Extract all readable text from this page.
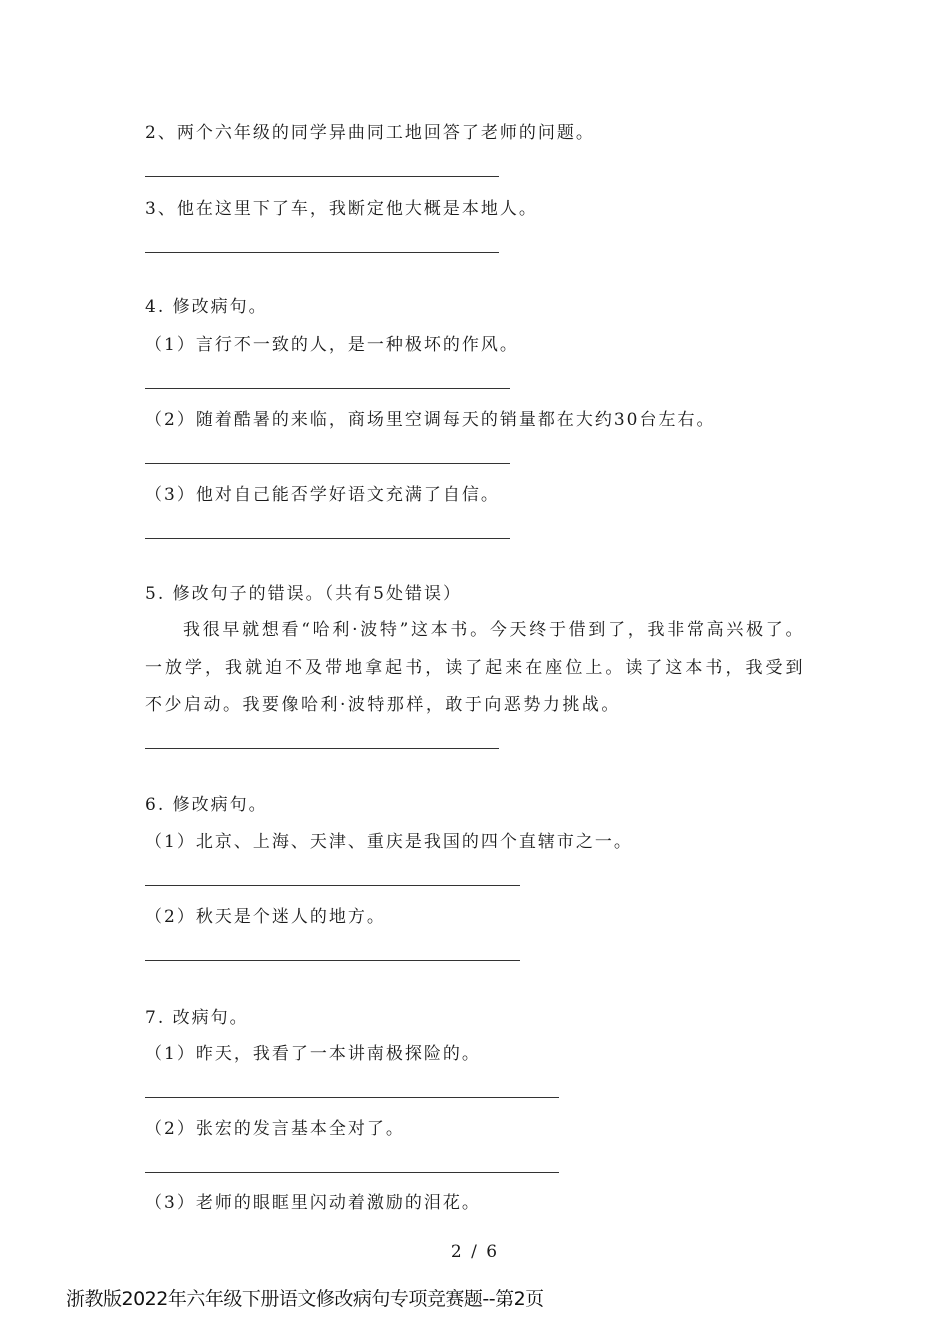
2、两个六年级的同学异曲同工地回答了老师的问题。
3、他在这里下了车，我断定他大概是本地人。
4. 修改病句。
（1）言行不一致的人，是一种极坏的作风。
（2）随着酷暑的来临，商场里空调每天的销量都在大约30台左右。
（3）他对自己能否学好语文充满了自信。
5. 修改句子的错误。（共有5处错误）
我很早就想看“哈利·波特”这本书。今天终于借到了，我非常高兴极了。一放学，我就迫不及带地拿起书，读了起来在座位上。读了这本书，我受到不少启动。我要像哈利·波特那样，敢于向恶势力挑战。
6. 修改病句。
（1）北京、上海、天津、重庆是我国的四个直辖市之一。
（2）秋天是个迷人的地方。
7. 改病句。
（1）昨天，我看了一本讲南极探险的。
（2）张宏的发言基本全对了。
（3）老师的眼眶里闪动着激励的泪花。
2 / 6
浙教版2022年六年级下册语文修改病句专项竞赛题--第2页
